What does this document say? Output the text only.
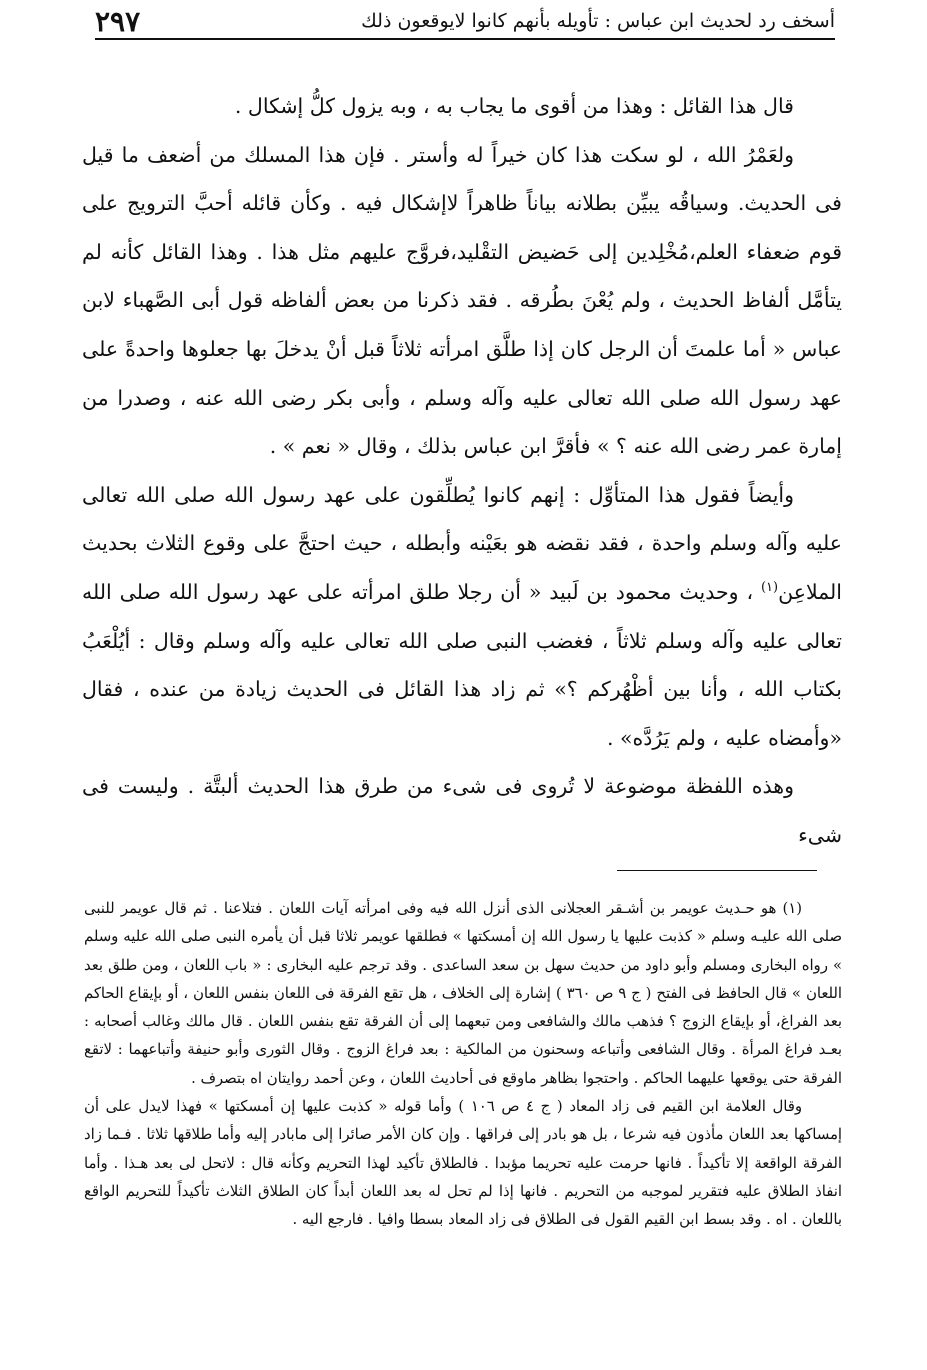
أسخف رد لحديث ابن عباس : تأويله بأنهم كانوا لايوقعون ذلك
٢٩٧

قال هذا القائل : وهذا من أقوى ما يجاب به ، وبه يزول كلُّ إشكال .

ولعَمْرُ الله ، لو سكت هذا كان خيراً له وأستر . فإن هذا المسلك من أضعف ما قيل فى الحديث. وسياقُه يبيِّن بطلانه بياناً ظاهراً لاإشكال فيه . وكأن قائله أحبَّ الترويج على قوم ضعفاء العلم،مُخْلِدين إلى حَضيض التقْليد،فروَّج عليهم مثل هذا . وهذا القائل كأنه لم يتأمَّل ألفاظ الحديث ، ولم يُعْنَ بطُرقه . فقد ذكرنا من بعض ألفاظه قول أبى الصَّهباء لابن عباس « أما علمتَ أن الرجل كان إذا طلَّق امرأته ثلاثاً قبل أنْ يدخلَ بها جعلوها واحدةً على عهد رسول الله صلى الله تعالى عليه وآله وسلم ، وأبى بكر رضى الله عنه ، وصدرا من إمارة عمر رضى الله عنه ؟ » فأقرَّ ابن عباس بذلك ، وقال « نعم » .

وأيضاً فقول هذا المتأوِّل : إنهم كانوا يُطلِّقون على عهد رسول الله صلى الله تعالى عليه وآله وسلم واحدة ، فقد نقضه هو بعَيْنه وأبطله ، حيث احتجَّ على وقوع الثلاث بحديث الملاعِن$^{(١)}$ ، وحديث محمود بن لَبيد « أن رجلا طلق امرأته على عهد رسول الله صلى الله تعالى عليه وآله وسلم ثلاثاً ، فغضب النبى صلى الله تعالى عليه وآله وسلم وقال : أيُلْعَبُ بكتاب الله ، وأنا بين أظْهُركم ؟» ثم زاد هذا القائل فى الحديث زيادة من عنده ، فقال «وأمضاه عليه ، ولم يَرُدَّه» .

وهذه اللفظة موضوعة لا تُروى فى شىء من طرق هذا الحديث ألبتَّة . وليست فى شىء

(١) هو حـديث عويمر بن أشـقر العجلانى الذى أنزل الله فيه وفى امرأته آيات اللعان . فتلاعنا . ثم قال عويمر للنبى صلى الله عليـه وسلم « كذبت عليها يا رسول الله إن أمسكتها » فطلقها عويمر ثلاثا قبل أن يأمره النبى صلى الله عليه وسلم » رواه البخارى ومسلم وأبو داود من حديث سهل بن سعد الساعدى . وقد ترجم عليه البخارى : « باب اللعان ، ومن طلق بعد اللعان » قال الحافظ فى الفتح ( ج ٩ ص ٣٦٠ ) إشارة إلى الخلاف ، هل تقع الفرقة فى اللعان بنفس اللعان ، أو بإيقاع الحاكم بعد الفراغ، أو بإيقاع الزوج ؟ فذهب مالك والشافعى ومن تبعهما إلى أن الفرقة تقع بنفس اللعان . قال مالك وغالب أصحابه : بعـد فراغ المرأة . وقال الشافعى وأتباعه وسحنون من المالكية : بعد فراغ الزوج . وقال الثورى وأبو حنيفة وأتباعهما : لاتقع الفرقة حتى يوقعها عليهما الحاكم . واحتجوا بظاهر ماوقع فى أحاديث اللعان ، وعن أحمد روايتان اه بتصرف .

وقال العلامة ابن القيم فى زاد المعاد ( ج ٤ ص ١٠٦ ) وأما قوله « كذبت عليها إن أمسكتها » فهذا لايدل على أن إمساكها بعد اللعان مأذون فيه شرعا ، بل هو بادر إلى فراقها . وإن كان الأمر صائرا إلى مابادر إليه وأما طلاقها ثلاثا . فـما زاد الفرقة الواقعة إلا تأكيداً . فانها حرمت عليه تحريما مؤبدا . فالطلاق تأكيد لهذا التحريم وكأنه قال : لاتحل لى بعد هـذا . وأما انفاذ الطلاق عليه فتقرير لموجبه من التحريم . فانها إذا لم تحل له بعد اللعان أبداً كان الطلاق الثلاث تأكيداً للتحريم الواقع باللعان . اه . وقد بسط ابن القيم القول فى الطلاق فى زاد المعاد بسطا وافيا . فارجع اليه .
